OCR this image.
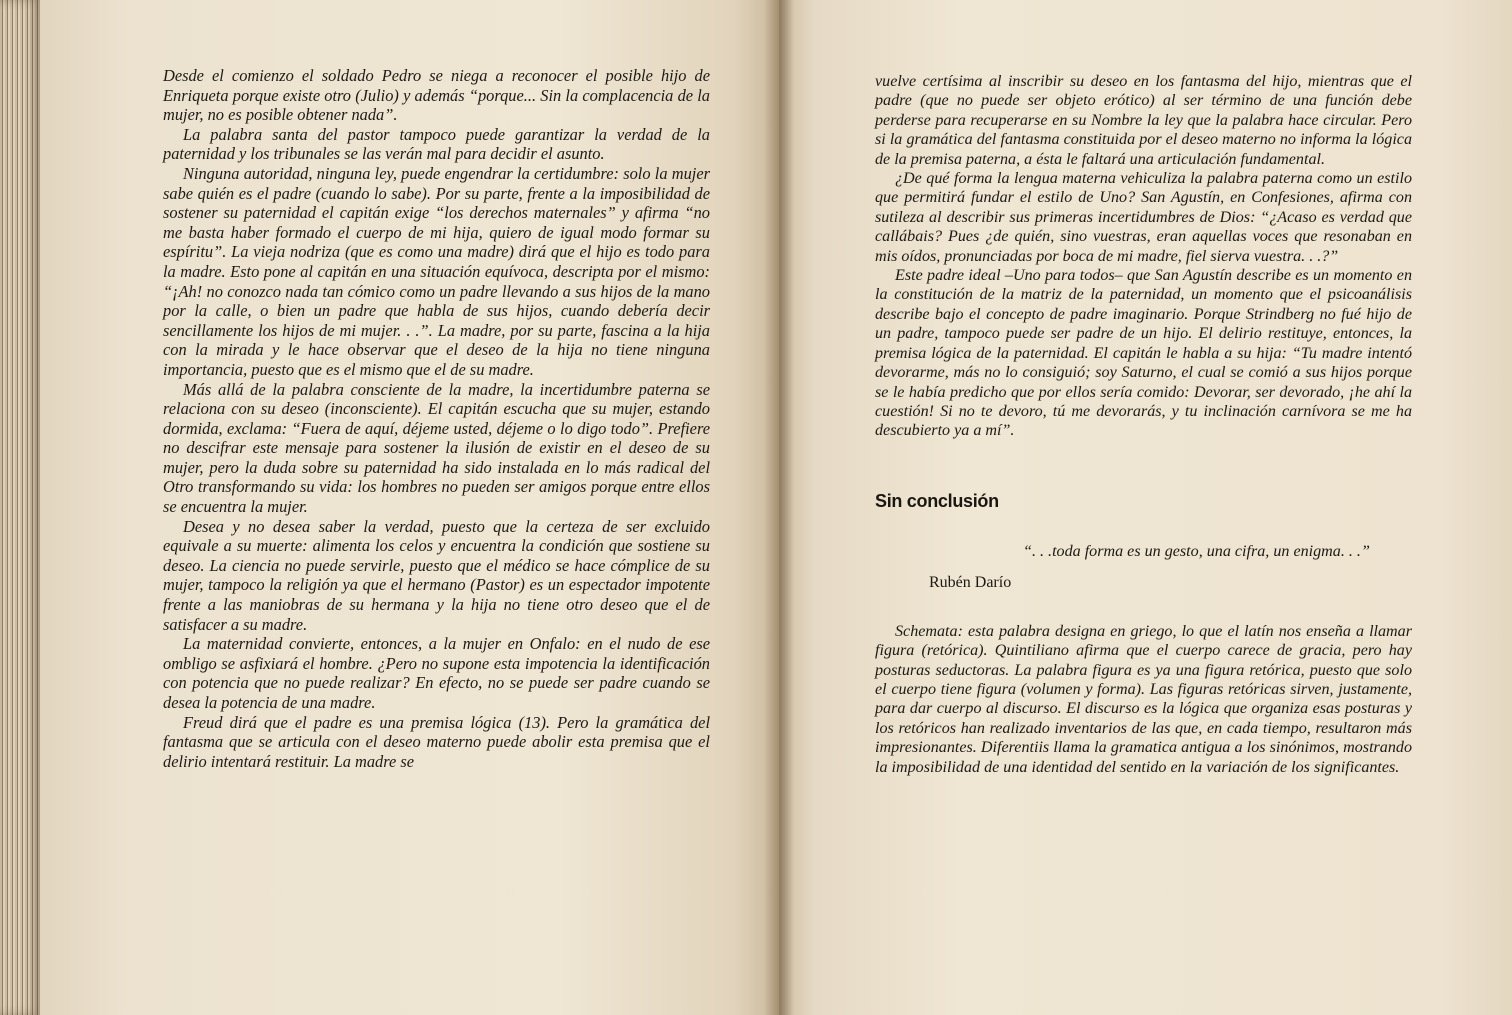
Desde el comienzo el soldado Pedro se niega a reconocer el posible hijo de Enriqueta porque existe otro (Julio) y además “porque... Sin la complacencia de la mujer, no es posible obtener nada”.

La palabra santa del pastor tampoco puede garantizar la verdad de la paternidad y los tribunales se las verán mal para decidir el asunto.

Ninguna autoridad, ninguna ley, puede engendrar la certidumbre: solo la mujer sabe quién es el padre (cuando lo sabe). Por su parte, frente a la imposibilidad de sostener su paternidad el capitán exige “los derechos maternales” y afirma “no me basta haber formado el cuerpo de mi hija, quiero de igual modo formar su espíritu”. La vieja nodriza (que es como una madre) dirá que el hijo es todo para la madre. Esto pone al capitán en una situación equívoca, descripta por el mismo: “¡Ah! no conozco nada tan cómico como un padre llevando a sus hijos de la mano por la calle, o bien un padre que habla de sus hijos, cuando debería decir sencillamente los hijos de mi mujer. . .”. La madre, por su parte, fascina a la hija con la mirada y le hace observar que el deseo de la hija no tiene ninguna importancia, puesto que es el mismo que el de su madre.

Más allá de la palabra consciente de la madre, la incertidumbre paterna se relaciona con su deseo (inconsciente). El capitán escucha que su mujer, estando dormida, exclama: “Fuera de aquí, déjeme usted, déjeme o lo digo todo”. Prefiere no descifrar este mensaje para sostener la ilusión de existir en el deseo de su mujer, pero la duda sobre su paternidad ha sido instalada en lo más radical del Otro transformando su vida: los hombres no pueden ser amigos porque entre ellos se encuentra la mujer.

Desea y no desea saber la verdad, puesto que la certeza de ser excluido equivale a su muerte: alimenta los celos y encuentra la condición que sostiene su deseo. La ciencia no puede servirle, puesto que el médico se hace cómplice de su mujer, tampoco la religión ya que el hermano (Pastor) es un espectador impotente frente a las maniobras de su hermana y la hija no tiene otro deseo que el de satisfacer a su madre.

La maternidad convierte, entonces, a la mujer en Onfalo: en el nudo de ese ombligo se asfixiará el hombre. ¿Pero no supone esta impotencia la identificación con potencia que no puede realizar? En efecto, no se puede ser padre cuando se desea la potencia de una madre.

Freud dirá que el padre es una premisa lógica (13). Pero la gramática del fantasma que se articula con el deseo materno puede abolir esta premisa que el delirio intentará restituir. La madre se

vuelve certísima al inscribir su deseo en los fantasma del hijo, mientras que el padre (que no puede ser objeto erótico) al ser término de una función debe perderse para recuperarse en su Nombre la ley que la palabra hace circular. Pero si la gramática del fantasma constituida por el deseo materno no informa la lógica de la premisa paterna, a ésta le faltará una articulación fundamental.

¿De qué forma la lengua materna vehiculiza la palabra paterna como un estilo que permitirá fundar el estilo de Uno? San Agustín, en Confesiones, afirma con sutileza al describir sus primeras incertidumbres de Dios: “¿Acaso es verdad que callábais? Pues ¿de quién, sino vuestras, eran aquellas voces que resonaban en mis oídos, pronunciadas por boca de mi madre, fiel sierva vuestra. . .?”

Este padre ideal –Uno para todos– que San Agustín describe es un momento en la constitución de la matriz de la paternidad, un momento que el psicoanálisis describe bajo el concepto de padre imaginario. Porque Strindberg no fué hijo de un padre, tampoco puede ser padre de un hijo. El delirio restituye, entonces, la premisa lógica de la paternidad. El capitán le habla a su hija: “Tu madre intentó devorarme, más no lo consiguió; soy Saturno, el cual se comió a sus hijos porque se le había predicho que por ellos sería comido: Devorar, ser devorado, ¡he ahí la cuestión! Si no te devoro, tú me devorarás, y tu inclinación carnívora se me ha descubierto ya a mí”.

Sin conclusión

“. . .toda forma es un gesto, una cifra, un enigma. . .”

Rubén Darío

Schemata: esta palabra designa en griego, lo que el latín nos enseña a llamar figura (retórica). Quintiliano afirma que el cuerpo carece de gracia, pero hay posturas seductoras. La palabra figura es ya una figura retórica, puesto que solo el cuerpo tiene figura (volumen y forma). Las figuras retóricas sirven, justamente, para dar cuerpo al discurso. El discurso es la lógica que organiza esas posturas y los retóricos han realizado inventarios de las que, en cada tiempo, resultaron más impresionantes. Diferentiis llama la gramatica antigua a los sinónimos, mostrando la imposibilidad de una identidad del sentido en la variación de los significantes.
